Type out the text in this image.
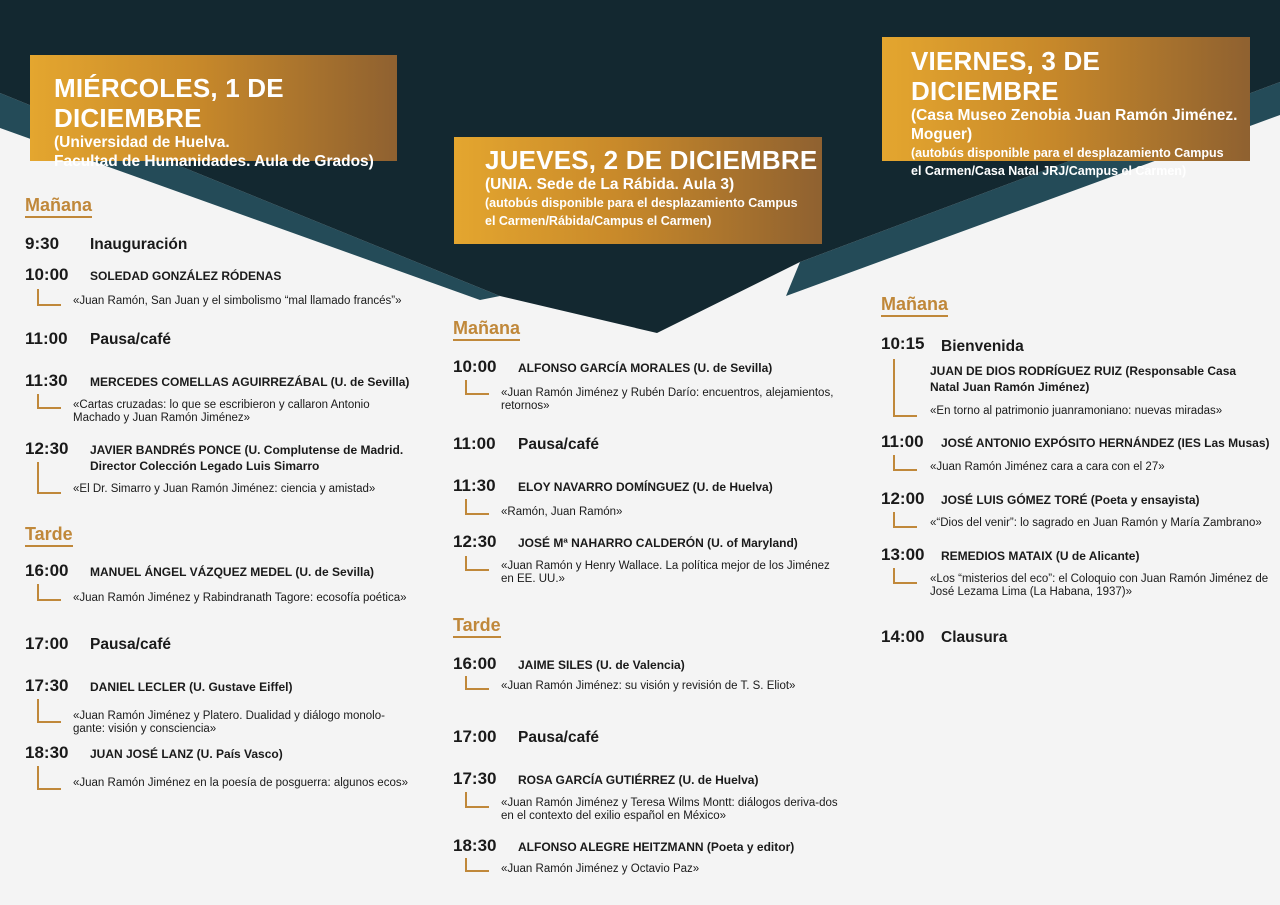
MIÉRCOLES, 1 DE DICIEMBRE
(Universidad de Huelva.
Facultad de Humanidades. Aula de Grados)	JUEVES, 2 DE DICIEMBRE
(UNIA. Sede de La Rábida. Aula 3)
(autobús disponible para el desplazamiento Campus
el Carmen/Rábida/Campus el Carmen)
VIERNES, 3 DE DICIEMBRE
(Casa Museo Zenobia Juan Ramón Jiménez.
Moguer)
(autobús disponible para el desplazamiento Campus
el Carmen/Casa Natal JRJ/Campus el Carmen)
Mañana
9:30 Inauguración
10:00 SOLEDAD GONZÁLEZ RÓDENAS
«Juan Ramón, San Juan y el simbolismo “mal llamado francés”»
11:00 Pausa/café
11:30 MERCEDES COMELLAS AGUIRREZÁBAL (U. de Sevilla)
«Cartas cruzadas: lo que se escribieron y callaron Antonio Machado y Juan Ramón Jiménez»
12:30 JAVIER BANDRÉS PONCE (U. Complutense de Madrid. Director Colección Legado Luis Simarro
«El Dr. Simarro y Juan Ramón Jiménez: ciencia y amistad»
Tarde
16:00 MANUEL ÁNGEL VÁZQUEZ MEDEL (U. de Sevilla)
«Juan Ramón Jiménez y Rabindranath Tagore: ecosofía poética»
17:00 Pausa/café
17:30 DANIEL LECLER (U. Gustave Eiffel)
«Juan Ramón Jiménez y Platero. Dualidad y diálogo monolo-gante: visión y consciencia»
18:30 JUAN JOSÉ LANZ (U. País Vasco)
«Juan Ramón Jiménez en la poesía de posguerra: algunos ecos»
Mañana
10:00 ALFONSO GARCÍA MORALES (U. de Sevilla)
«Juan Ramón Jiménez y Rubén Darío: encuentros, alejamientos, retornos»
11:00 Pausa/café
11:30 ELOY NAVARRO DOMÍNGUEZ (U. de Huelva)
«Ramón, Juan Ramón»
12:30 JOSÉ Mª NAHARRO CALDERÓN (U. of Maryland)
«Juan Ramón y Henry Wallace. La política mejor de los Jiménez en EE. UU.»
Tarde
16:00 JAIME SILES (U. de Valencia)
«Juan Ramón Jiménez: su visión y revisión de T. S. Eliot»
17:00 Pausa/café
17:30 ROSA GARCÍA GUTIÉRREZ (U. de Huelva)
«Juan Ramón Jiménez y Teresa Wilms Montt: diálogos deriva-dos en el contexto del exilio español en México»
18:30 ALFONSO ALEGRE HEITZMANN (Poeta y editor)
«Juan Ramón Jiménez y Octavio Paz»
Mañana
10:15 Bienvenida
JUAN DE DIOS RODRÍGUEZ RUIZ (Responsable Casa Natal Juan Ramón Jiménez)
«En torno al patrimonio juanramoniano: nuevas miradas»
11:00 JOSÉ ANTONIO EXPÓSITO HERNÁNDEZ (IES Las Musas)
«Juan Ramón Jiménez cara a cara con el 27»
12:00 JOSÉ LUIS GÓMEZ TORÉ (Poeta y ensayista)
«“Dios del venir”: lo sagrado en Juan Ramón y María Zambrano»
13:00 REMEDIOS MATAIX (U de Alicante)
«Los “misterios del eco”: el Coloquio con Juan Ramón Jiménez de José Lezama Lima (La Habana, 1937)»
14:00 Clausura
